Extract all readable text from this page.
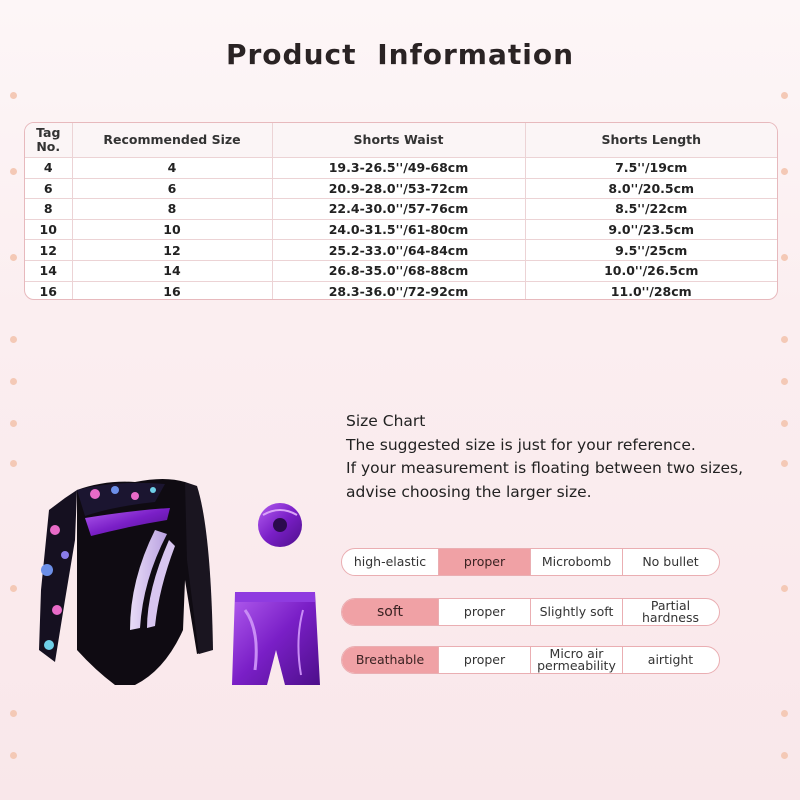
Product Information
Tag No.	Recommended Size	Shorts Waist	Shorts Length
4	4	19.3-26.5''/49-68cm	7.5''/19cm
6	6	20.9-28.0''/53-72cm	8.0''/20.5cm
8	8	22.4-30.0''/57-76cm	8.5''/22cm
10	10	24.0-31.5''/61-80cm	9.0''/23.5cm
12	12	25.2-33.0''/64-84cm	9.5''/25cm
14	14	26.8-35.0''/68-88cm	10.0''/26.5cm
16	16	28.3-36.0''/72-92cm	11.0''/28cm
Size Chart
The suggested size is just for your reference.
If your measurement is floating between two sizes,
advise choosing the larger size.
high-elastic	proper	Microbomb	No bullet
soft	proper	Slightly soft	Partial hardness
Breathable	proper	Micro air permeability	airtight
